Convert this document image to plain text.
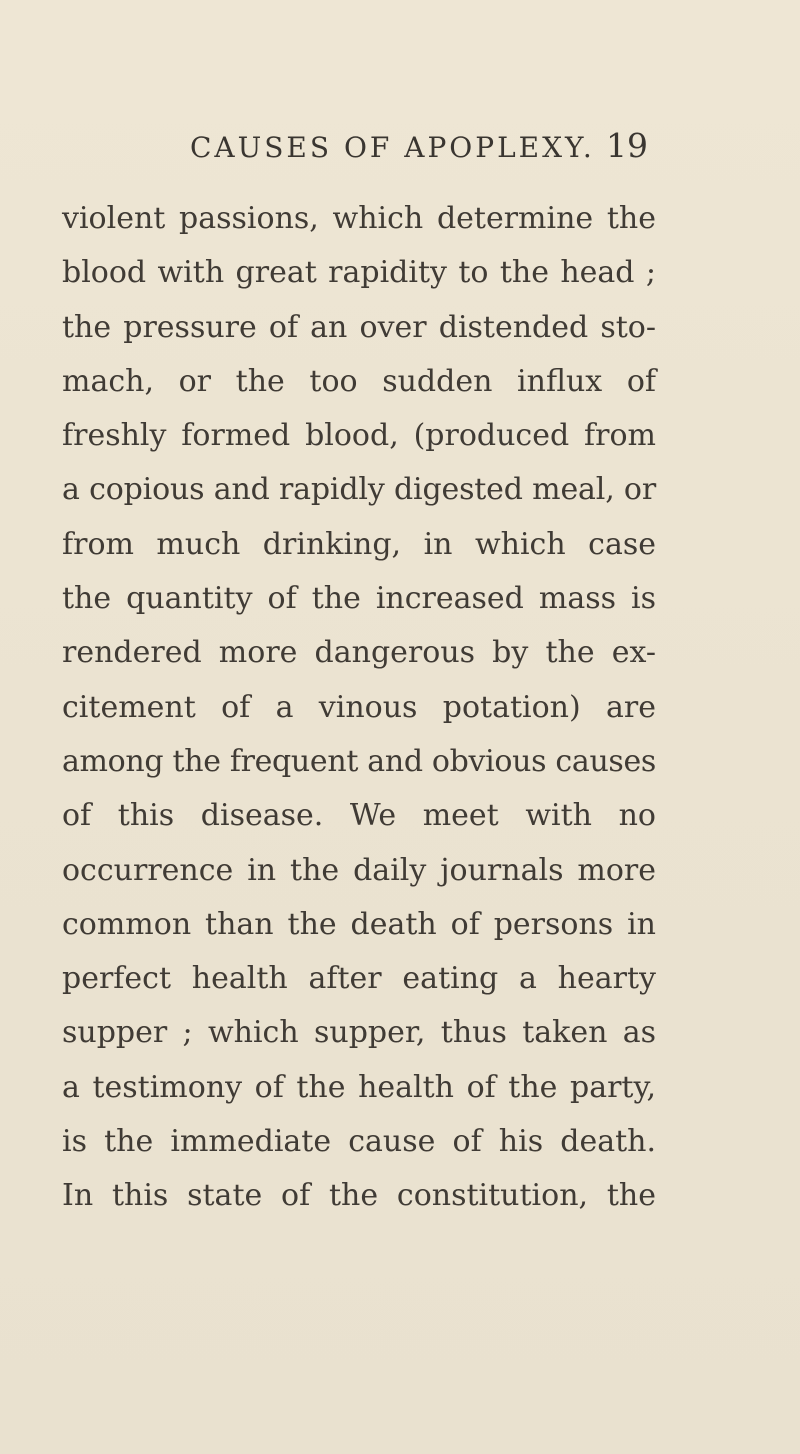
CAUSES OF APOPLEXY. 19
violent passions, which determine the
blood with great rapidity to the head ;
the pressure of an over distended sto-
mach, or the too sudden influx of
freshly formed blood, (produced from
a copious and rapidly digested meal, or
from much drinking, in which case
the quantity of the increased mass is
rendered more dangerous by the ex-
citement of a vinous potation) are
among the frequent and obvious causes
of this disease. We meet with no
occurrence in the daily journals more
common than the death of persons in
perfect health after eating a hearty
supper ; which supper, thus taken as
a testimony of the health of the party,
is the immediate cause of his death.
In this state of the constitution, the
